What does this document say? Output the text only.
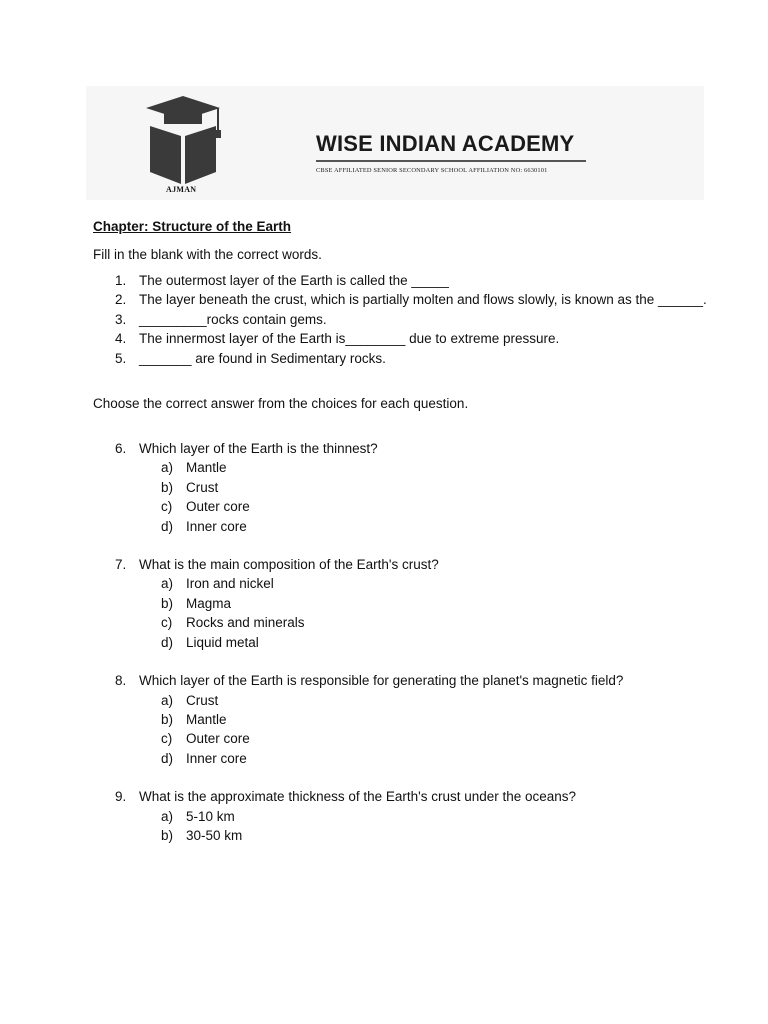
AJMAN
WISE INDIAN ACADEMY
CBSE AFFILIATED SENIOR SECONDARY SCHOOL AFFILIATION NO: 6630101
Chapter: Structure of the Earth
Fill in the blank with the correct words.
1. The outermost layer of the Earth is called the _____
2. The layer beneath the crust, which is partially molten and flows slowly, is known as the ______.
3. _________rocks contain gems.
4. The innermost layer of the Earth is________ due to extreme pressure.
5. _______ are found in Sedimentary rocks.
Choose the correct answer from the choices for each question.
6. Which layer of the Earth is the thinnest?
a) Mantle
b) Crust
c) Outer core
d) Inner core
7. What is the main composition of the Earth's crust?
a) Iron and nickel
b) Magma
c) Rocks and minerals
d) Liquid metal
8. Which layer of the Earth is responsible for generating the planet's magnetic field?
a) Crust
b) Mantle
c) Outer core
d) Inner core
9. What is the approximate thickness of the Earth's crust under the oceans?
a) 5-10 km
b) 30-50 km
